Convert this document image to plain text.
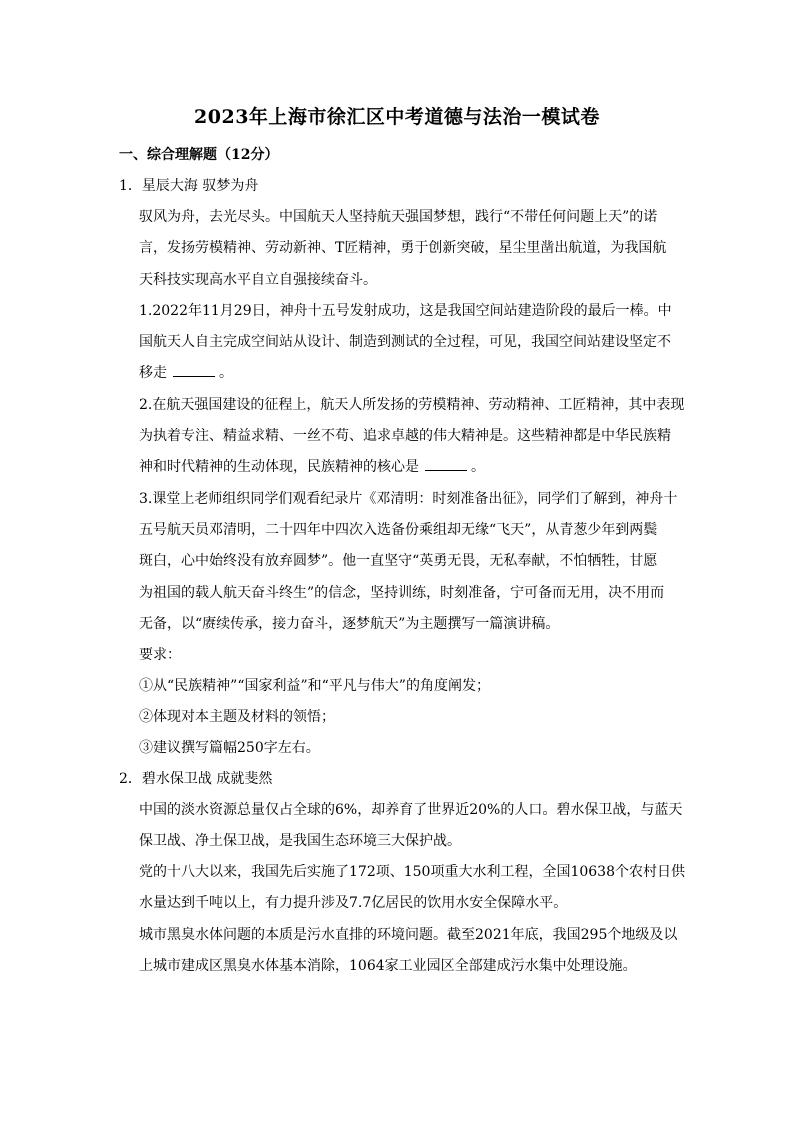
2023年上海市徐汇区中考道德与法治一模试卷
一、综合理解题（12分）
1．星辰大海 驭梦为舟
驭风为舟，去光尽头。中国航天人坚持航天强国梦想，践行“不带任何问题上天”的诺
言，发扬劳模精神、劳动新神、T匠精神，勇于创新突破，星尘里凿出航道，为我国航
天科技实现高水平自立自强接续奋斗。
1.2022年11月29日，神舟十五号发射成功，这是我国空间站建造阶段的最后一棒。中
国航天人自主完成空间站从设计、制造到测试的全过程，可见，我国空间站建设坚定不
移走	。
2.在航天强国建设的征程上，航天人所发扬的劳模精神、劳动精神、工匠精神，其中表现
为执着专注、精益求精、一丝不苟、追求卓越的伟大精神是。这些精神都是中华民族精
神和时代精神的生动体现，民族精神的核心是	。
3.课堂上老师组织同学们观看纪录片《邓清明：时刻准备出征》，同学们了解到，神舟十
五号航天员邓清明，二十四年中四次入选备份乘组却无缘“飞天”，从青葱少年到两鬓
斑白，心中始终没有放弃圆梦”。他一直坚守“英勇无畏，无私奉献，不怕牺牲，甘愿
为祖国的载人航天奋斗终生”的信念，坚持训练，时刻准备，宁可备而无用，决不用而
无备，以“赓续传承，接力奋斗，逐梦航天”为主题撰写一篇演讲稿。
要求：
①从“民族精神”“国家利益”和“平凡与伟大”的角度阐发；
②体现对本主题及材料的领悟；
③建议撰写篇幅250字左右。
2．碧水保卫战 成就斐然
中国的淡水资源总量仅占全球的6%，却养育了世界近20%的人口。碧水保卫战，与蓝天
保卫战、净土保卫战，是我国生态环境三大保护战。
党的十八大以来，我国先后实施了172项、150项重大水利工程，全国10638个农村日供
水量达到千吨以上，有力提升涉及7.7亿居民的饮用水安全保障水平。
城市黑臭水体问题的本质是污水直排的环境问题。截至2021年底，我国295个地级及以
上城市建成区黑臭水体基本消除，1064家工业园区全部建成污水集中处理设施。
